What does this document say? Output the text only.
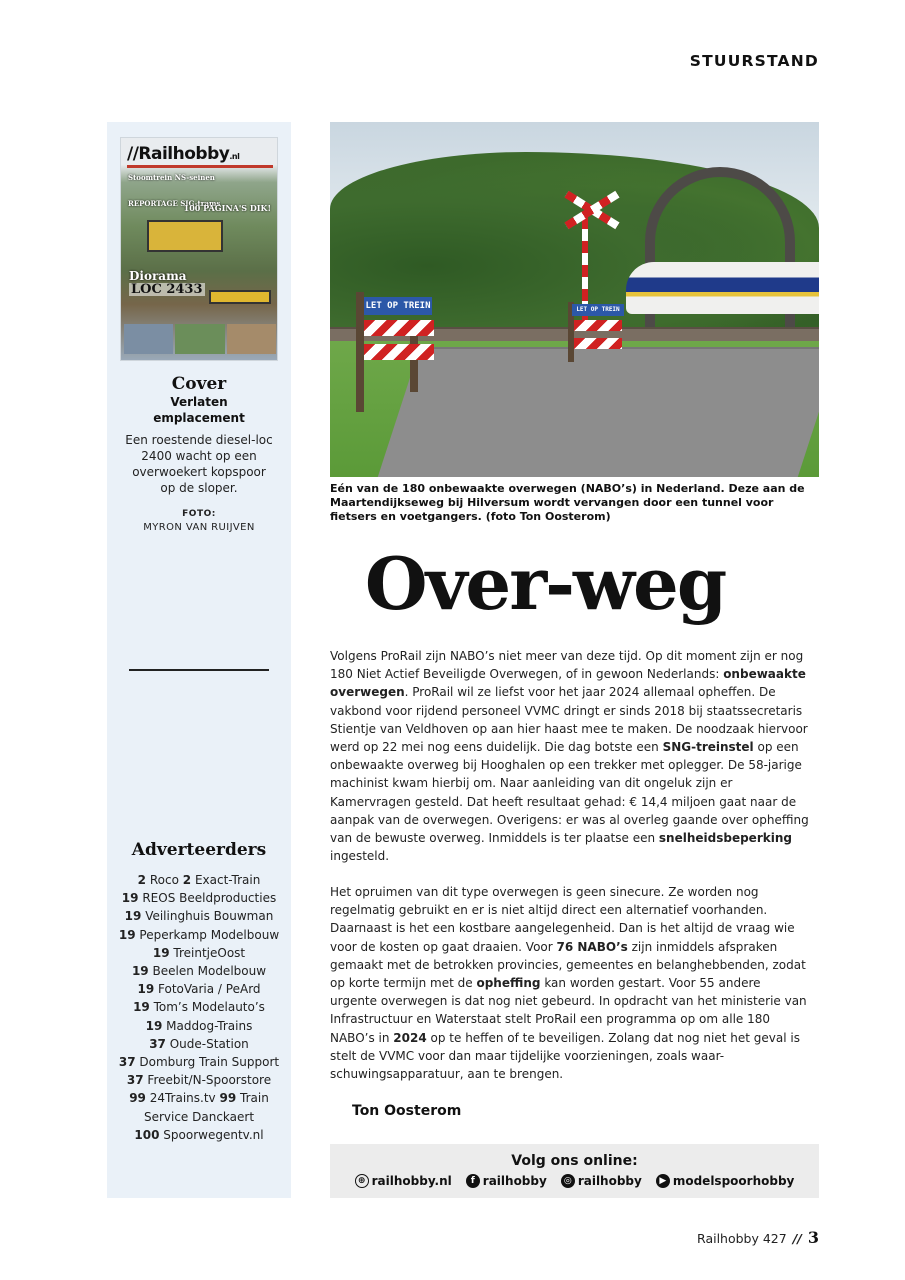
STUURSTAND
//Railhobby.nl
Stoomtrein NS-seinen
REPORTAGE SIG-trams
100 PAGINA'S DIK!
Diorama
LOC 2433
Cover
Verlaten emplacement
Een roestende diesel-loc 2400 wacht op een overwoekert kopspoor op de sloper.
FOTO:
MYRON VAN RUIJVEN
Adverteerders
2 Roco 2 Exact-Train
19 REOS Beeldproducties
19 Veilinghuis Bouwman
19 Peperkamp Modelbouw
19 TreintjeOost
19 Beelen Modelbouw
19 FotoVaria / PeArd
19 Tom’s Modelauto’s
19 Maddog-Trains
37 Oude-Station
37 Domburg Train Support
37 Freebit/N-Spoorstore
99 24Trains.tv 99 Train Service Danckaert
100 Spoorwegentv.nl
LET OP TREIN	LET OP TREIN

Eén van de 180 onbewaakte overwegen (NABO’s) in Nederland. Deze aan de Maartendijkseweg bij Hilversum wordt vervangen door een tunnel voor fietsers en voetgangers. (foto Ton Oosterom)

Over-weg

Volgens ProRail zijn NABO’s niet meer van deze tijd. Op dit moment zijn er nog 180 Niet Actief Beveiligde Overwegen, of in gewoon Nederlands: onbewaakte overwegen. ProRail wil ze liefst voor het jaar 2024 allemaal opheffen. De vakbond voor rijdend personeel VVMC dringt er sinds 2018 bij staatssecretaris Stientje van Veldhoven op aan hier haast mee te maken. De noodzaak hiervoor werd op 22 mei nog eens duidelijk. Die dag botste een SNG-treinstel op een onbewaakte overweg bij Hooghalen op een trekker met oplegger. De 58-jarige machinist kwam hierbij om. Naar aanleiding van dit ongeluk zijn er Kamervragen gesteld. Dat heeft resultaat gehad: € 14,4 miljoen gaat naar de aanpak van de overwegen. Overigens: er was al overleg gaande over opheffing van de bewuste overweg. Inmiddels is ter plaatse een snelheidsbeperking ingesteld.

Het opruimen van dit type overwegen is geen sinecure. Ze worden nog regelmatig gebruikt en er is niet altijd direct een alternatief voorhanden. Daarnaast is het een kostbare aangelegenheid. Dan is het altijd de vraag wie voor de kosten op gaat draaien. Voor 76 NABO’s zijn inmiddels afspraken gemaakt met de betrokken provincies, gemeentes en belanghebbenden, zodat op korte termijn met de opheffing kan worden gestart. Voor 55 andere urgente overwegen is dat nog niet gebeurd. In opdracht van het ministerie van Infrastructuur en Waterstaat stelt ProRail een programma op om alle 180 NABO’s in 2024 op te heffen of te beveiligen. Zolang dat nog niet het geval is stelt de VVMC voor dan maar tijdelijke voorzieningen, zoals waar-schuwingsapparatuur, aan te brengen.

Ton Oosterom
Volg ons online:
⊕ railhobby.nl	f railhobby	◎ railhobby	▶ modelspoorhobby
Railhobby 427 // 3
